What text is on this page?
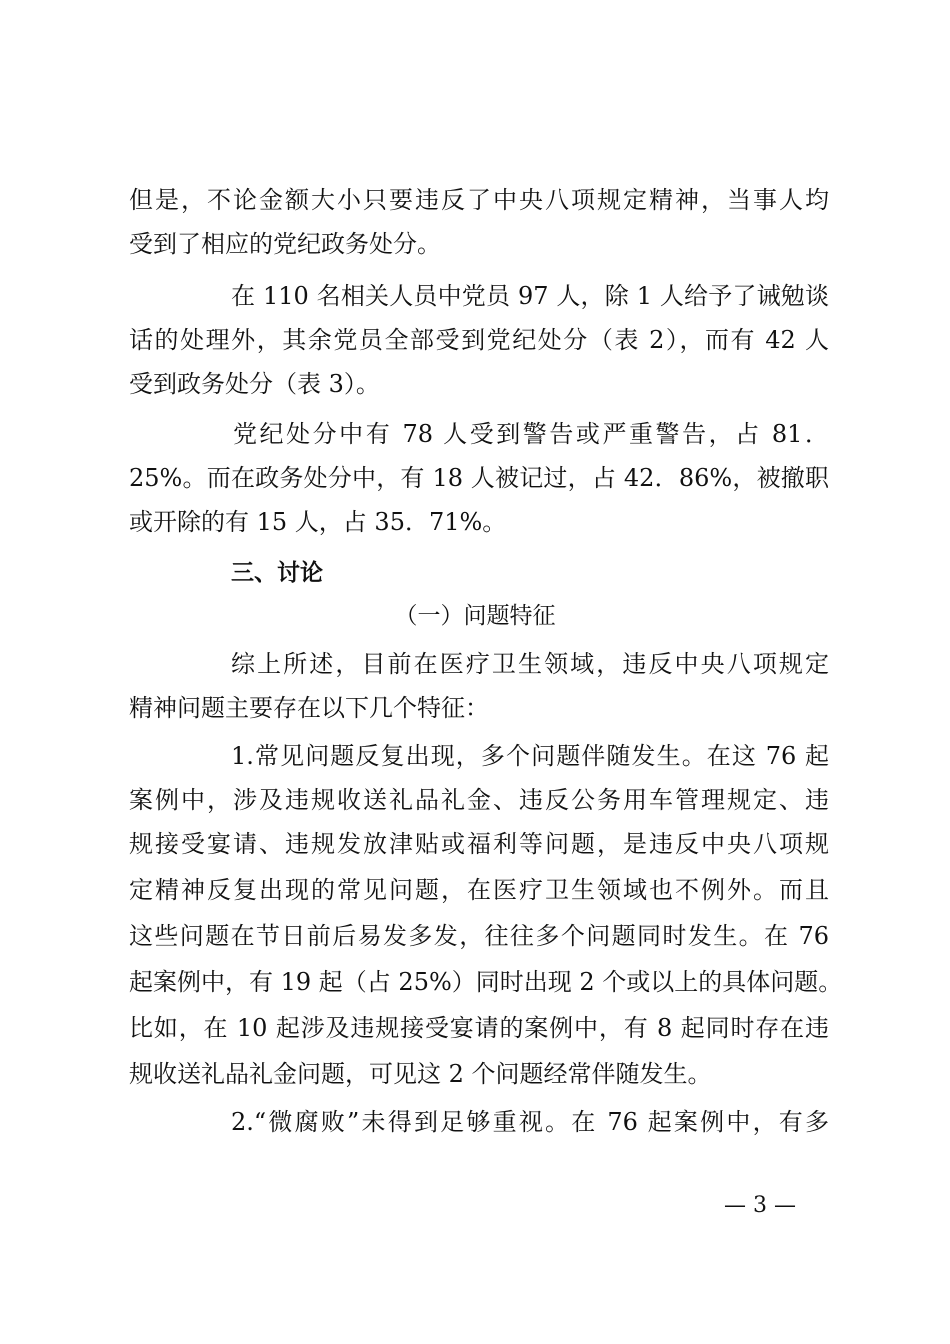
但是，不论金额大小只要违反了中央八项规定精神，当事人均
受到了相应的党纪政务处分。
在 110 名相关人员中党员 97 人，除 1 人给予了诫勉谈
话的处理外，其余党员全部受到党纪处分（表 2），而有 42 人
受到政务处分（表 3）。
党纪处分中有 78 人受到警告或严重警告，占 81．
25%。而在政务处分中，有 18 人被记过，占 42．86%，被撤职
或开除的有 15 人，占 35．71%。
三、讨论
（一）问题特征
综上所述，目前在医疗卫生领域，违反中央八项规定
精神问题主要存在以下几个特征：
1.常见问题反复出现，多个问题伴随发生。在这 76 起
案例中，涉及违规收送礼品礼金、违反公务用车管理规定、违
规接受宴请、违规发放津贴或福利等问题，是违反中央八项规
定精神反复出现的常见问题，在医疗卫生领域也不例外。而且
这些问题在节日前后易发多发，往往多个问题同时发生。在 76
起案例中，有 19 起（占 25%）同时出现 2 个或以上的具体问题。
比如，在 10 起涉及违规接受宴请的案例中，有 8 起同时存在违
规收送礼品礼金问题，可见这 2 个问题经常伴随发生。
2.“微腐败”未得到足够重视。在 76 起案例中，有多
— 3 —
